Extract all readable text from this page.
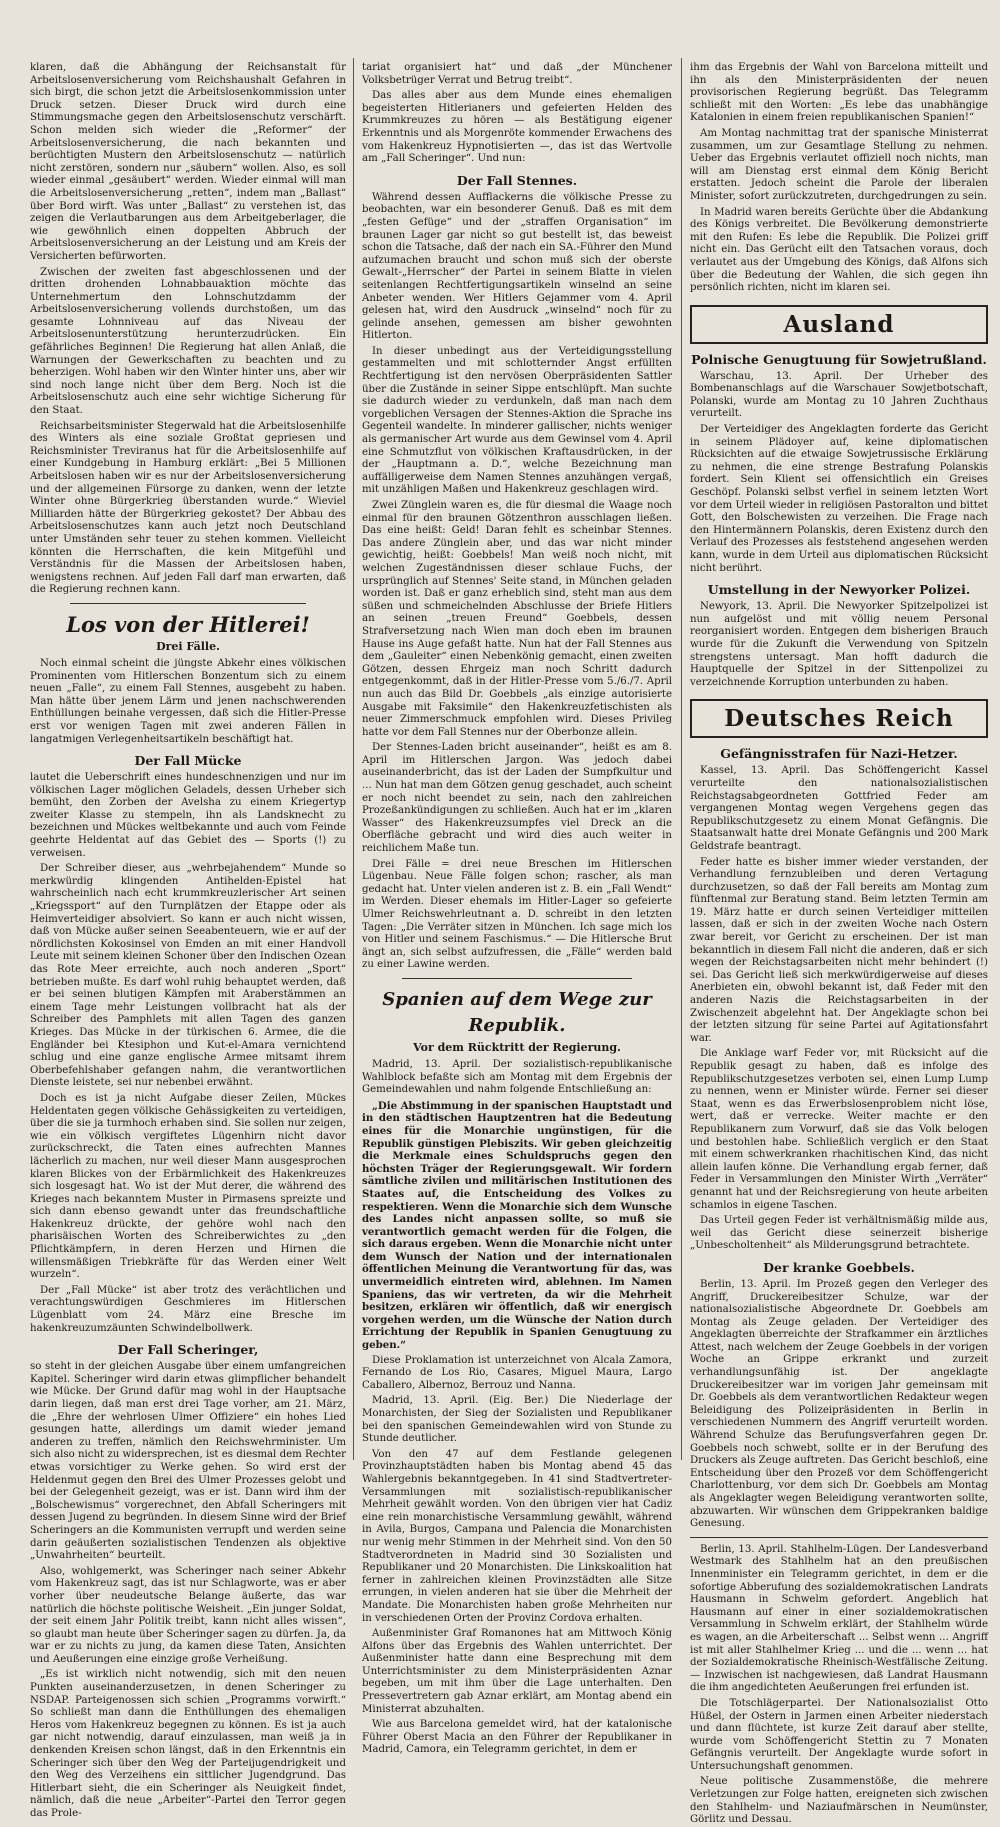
klaren, daß die Abhängung der Reichsanstalt für Arbeitslosenversicherung vom Reichshaushalt Gefahren in sich birgt, die schon jetzt die Arbeitslosenkommission unter Druck setzen. Dieser Druck wird durch eine Stimmungsmache gegen den Arbeitslosenschutz verschärft. Schon melden sich wieder die „Reformer“ der Arbeitslosenversicherung, die nach bekannten und berüchtigten Mustern den Arbeitslosenschutz — natürlich nicht zerstören, sondern nur „säubern“ wollen. Also, es soll wieder einmal „gesäubert“ werden. Wieder einmal will man die Arbeitslosenversicherung „retten“, indem man „Ballast“ über Bord wirft. Was unter „Ballast“ zu verstehen ist, das zeigen die Verlautbarungen aus dem Arbeitgeberlager, die wie gewöhnlich einen doppelten Abbruch der Arbeitslosenversicherung an der Leistung und am Kreis der Versicherten befürworten.

Zwischen der zweiten fast abgeschlossenen und der dritten drohenden Lohnabbauaktion möchte das Unternehmertum den Lohnschutzdamm der Arbeitslosenversicherung vollends durchstoßen, um das gesamte Lohnniveau auf das Niveau der Arbeitslosenunterstützung herunterzudrücken. Ein gefährliches Beginnen! Die Regierung hat allen Anlaß, die Warnungen der Gewerkschaften zu beachten und zu beherzigen. Wohl haben wir den Winter hinter uns, aber wir sind noch lange nicht über dem Berg. Noch ist die Arbeitslosenschutz auch eine sehr wichtige Sicherung für den Staat.

Reichsarbeitsminister Stegerwald hat die Arbeitslosenhilfe des Winters als eine soziale Großtat gepriesen und Reichsminister Treviranus hat für die Arbeitslosenhilfe auf einer Kundgebung in Hamburg erklärt: „Bei 5 Millionen Arbeitslosen haben wir es nur der Arbeitslosenversicherung und der allgemeinen Fürsorge zu danken, wenn der letzte Winter ohne Bürgerkrieg überstanden wurde.“ Wieviel Milliarden hätte der Bürgerkrieg gekostet? Der Abbau des Arbeitslosenschutzes kann auch jetzt noch Deutschland unter Umständen sehr teuer zu stehen kommen. Vielleicht könnten die Herrschaften, die kein Mitgefühl und Verständnis für die Massen der Arbeitslosen haben, wenigstens rechnen. Auf jeden Fall darf man erwarten, daß die Regierung rechnen kann.

Los von der Hitlerei!
Drei Fälle.

Noch einmal scheint die jüngste Abkehr eines völkischen Prominenten vom Hitlerschen Bonzentum sich zu einem neuen „Falle“, zu einem Fall Stennes, ausgebeht zu haben. Man hätte über jenem Lärm und jenen nachschwerenden Enthüllungen beinahe vergessen, daß sich die Hitler-Presse erst vor wenigen Tagen mit zwei anderen Fällen in langatmigen Verlegenheitsartikeln beschäftigt hat.

Der Fall Mücke

lautet die Ueberschrift eines hundeschnenzigen und nur im völkischen Lager möglichen Geladels, dessen Urheber sich bemüht, den Zorben der Avelsha zu einem Kriegertyp zweiter Klasse zu stempeln, ihn als Landsknecht zu bezeichnen und Mückes weltbekannte und auch vom Feinde geehrte Heldentat auf das Gebiet des — Sports (!) zu verweisen.

Der Schreiber dieser, aus „wehrbejahendem“ Munde so merkwürdig klingenden Antihelden-Epistel hat wahrscheinlich nach echt krummkreuzlerischer Art seinen „Kriegssport“ auf den Turnplätzen der Etappe oder als Heimverteidiger absolviert. So kann er auch nicht wissen, daß von Mücke außer seinen Seeabenteuern, wie er auf der nördlichsten Kokosinsel von Emden an mit einer Handvoll Leute mit seinem kleinen Schoner über den Indischen Ozean das Rote Meer erreichte, auch noch anderen „Sport“ betrieben mußte. Es darf wohl ruhig behauptet werden, daß er bei seinen blutigen Kämpfen mit Araberstämmen an einem Tage mehr Leistungen vollbracht hat als der Schreiber des Pamphlets mit allen Tagen des ganzen Krieges. Das Mücke in der türkischen 6. Armee, die die Engländer bei Ktesiphon und Kut-el-Amara vernichtend schlug und eine ganze englische Armee mitsamt ihrem Oberbefehlshaber gefangen nahm, die verantwortlichen Dienste leistete, sei nur nebenbei erwähnt.

Doch es ist ja nicht Aufgabe dieser Zeilen, Mückes Heldentaten gegen völkische Gehässigkeiten zu verteidigen, über die sie ja turmhoch erhaben sind. Sie sollen nur zeigen, wie ein völkisch vergiftetes Lügenhirn nicht davor zurückschreckt, die Taten eines aufrechten Mannes lächerlich zu machen, nur weil dieser Mann ausgesprochen klaren Blickes von der Erbärmlichkeit des Hakenkreuzes sich losgesagt hat. Wo ist der Mut derer, die während des Krieges nach bekanntem Muster in Pirmasens spreizte und sich dann ebenso gewandt unter das freundschaftliche Hakenkreuz drückte, der gehöre wohl nach den pharisäischen Worten des Schreiberwichtes zu „den Pflichtkämpfern, in deren Herzen und Hirnen die willensmäßigen Triebkräfte für das Werden einer Welt wurzeln“.

Der „Fall Mücke“ ist aber trotz des verächtlichen und verachtungswürdigen Geschmieres im Hitlerschen Lügenblatt vom 24. März eine Bresche im hakenkreuzumzäunten Schwindelbollwerk.

Der Fall Scheringer,

so steht in der gleichen Ausgabe über einem umfangreichen Kapitel. Scheringer wird darin etwas glimpflicher behandelt wie Mücke. Der Grund dafür mag wohl in der Hauptsache darin liegen, daß man erst drei Tage vorher, am 21. März, die „Ehre der wehrlosen Ulmer Offiziere“ ein hohes Lied gesungen hatte, allerdings um damit wieder jemand anderen zu treffen, nämlich den Reichswehrminister. Um sich also nicht zu widersprechen, ist es diesmal dem Rechter etwas vorsichtiger zu Werke gehen. So wird erst der Heldenmut gegen den Brei des Ulmer Prozesses gelobt und bei der Gelegenheit gezeigt, was er ist. Dann wird ihm der „Bolschewismus“ vorgerechnet, den Abfall Scheringers mit dessen Jugend zu begründen. In diesem Sinne wird der Brief Scheringers an die Kommunisten verrupft und werden seine darin geäußerten sozialistischen Tendenzen als objektive „Unwahrheiten“ beurteilt.

Also, wohlgemerkt, was Scheringer nach seiner Abkehr vom Hakenkreuz sagt, das ist nur Schlagworte, was er aber vorher über neudeutsche Belange äußerte, das war natürlich die höchste politische Weisheit. „Ein junger Soldat, der seit einem Jahr Politik treibt, kann nicht alles wissen“, so glaubt man heute über Scheringer sagen zu dürfen. Ja, da war er zu nichts zu jung, da kamen diese Taten, Ansichten und Aeußerungen eine einzige große Verheißung.

„Es ist wirklich nicht notwendig, sich mit den neuen Punkten auseinanderzusetzen, in denen Scheringer zu NSDAP. Parteigenossen sich schien „Programms vorwirft.“ So schließt man dann die Enthüllungen des ehemaligen Heros vom Hakenkreuz begegnen zu können. Es ist ja auch gar nicht notwendig, darauf einzulassen, man weiß ja in denkenden Kreisen schon längst, daß in den Erkenntnis ein Scheringer sich über den Weg der Parteijugendrigkeit und den Weg des Verzeihens ein sittlicher Jugendgrund. Das Hitlerbart sieht, die ein Scheringer als Neuigkeit findet, nämlich, daß die neue „Arbeiter“-Partei den Terror gegen das Prole-

tariat organisiert hat“ und daß „der Münchener Volksbetrüger Verrat und Betrug treibt“.

Das alles aber aus dem Munde eines ehemaligen begeisterten Hitlerianers und gefeierten Helden des Krummkreuzes zu hören — als Bestätigung eigener Erkenntnis und als Morgenröte kommender Erwachens des vom Hakenkreuz Hypnotisierten —, das ist das Wertvolle am „Fall Scheringer“. Und nun:

Der Fall Stennes.

Während dessen Aufflackerns die völkische Presse zu beobachten, war ein besonderer Genuß. Daß es mit dem „festen Gefüge“ und der „straffen Organisation“ im braunen Lager gar nicht so gut bestellt ist, das beweist schon die Tatsache, daß der nach ein SA.-Führer den Mund aufzumachen braucht und schon muß sich der oberste Gewalt-„Herrscher“ der Partei in seinem Blatte in vielen seitenlangen Rechtfertigungsartikeln winselnd an seine Anbeter wenden. Wer Hitlers Gejammer vom 4. April gelesen hat, wird den Ausdruck „winselnd“ noch für zu gelinde ansehen, gemessen am bisher gewohnten Hitlerton.

In dieser unbedingt aus der Verteidigungsstellung gestammelten und mit schlotternder Angst erfüllten Rechtfertigung ist den nervösen Oberpräsidenten Sattler über die Zustände in seiner Sippe entschlüpft. Man suchte sie dadurch wieder zu verdunkeln, daß man nach dem vorgeblichen Versagen der Stennes-Aktion die Sprache ins Gegenteil wandelte. In minderer gallischer, nichts weniger als germanischer Art wurde aus dem Gewinsel vom 4. April eine Schmutzflut von völkischen Kraftausdrücken, in der der „Hauptmann a. D.“, welche Bezeichnung man auffälligerweise dem Namen Stennes anzuhängen vergaß, mit unzähligen Maßen und Hakenkreuz geschlagen wird.

Zwei Zünglein waren es, die für diesmal die Waage noch einmal für den braunen Götzenthron ausschlagen ließen. Das eine heißt: Geld! Daran fehlt es scheinbar Stennes. Das andere Zünglein aber, und das war nicht minder gewichtig, heißt: Goebbels! Man weiß noch nicht, mit welchen Zugeständnissen dieser schlaue Fuchs, der ursprünglich auf Stennes' Seite stand, in München geladen worden ist. Daß er ganz erheblich sind, steht man aus dem süßen und schmeichelnden Abschlusse der Briefe Hitlers an seinen „treuen Freund“ Goebbels, dessen Strafversetzung nach Wien man doch eben im braunen Hause ins Auge gefaßt hatte. Nun hat der Fall Stennes aus dem „Gauleiter“ einen Nebenkönig gemacht, einen zweiten Götzen, dessen Ehrgeiz man noch Schritt dadurch entgegenkommt, daß in der Hitler-Presse vom 5./6./7. April nun auch das Bild Dr. Goebbels „als einzige autorisierte Ausgabe mit Faksimile“ den Hakenkreuzfetischisten als neuer Zimmerschmuck empfohlen wird. Dieses Privileg hatte vor dem Fall Stennes nur der Oberbonze allein.

Der Stennes-Laden bricht auseinander“, heißt es am 8. April im Hitlerschen Jargon. Was jedoch dabei auseinanderbricht, das ist der Laden der Sumpfkultur und ... Nun hat man dem Götzen genug geschadet, auch scheint er noch nicht beendet zu sein, nach den zahlreichen Prozeßankündigungen zu schließen. Auch hat er im „klaren Wasser“ des Hakenkreuzsumpfes viel Dreck an die Oberfläche gebracht und wird dies auch weiter in reichlichem Maße tun.

Drei Fälle = drei neue Breschen im Hitlerschen Lügenbau. Neue Fälle folgen schon; rascher, als man gedacht hat. Unter vielen anderen ist z. B. ein „Fall Wendt“ im Werden. Dieser ehemals im Hitler-Lager so gefeierte Ulmer Reichswehrleutnant a. D. schreibt in den letzten Tagen: „Die Verräter sitzen in München. Ich sage mich los von Hitler und seinem Faschismus.“ — Die Hitlersche Brut ängt an, sich selbst aufzufressen, die „Fälle“ werden bald zu einer Lawine werden.

Spanien auf dem Wege zur Republik.
Vor dem Rücktritt der Regierung.

Madrid, 13. April. Der sozialistisch-republikanische Wahlblock befaßte sich am Montag mit dem Ergebnis der Gemeindewahlen und nahm folgende Entschließung an:

„Die Abstimmung in der spanischen Hauptstadt und in den städtischen Hauptzentren hat die Bedeutung eines für die Monarchie ungünstigen, für die Republik günstigen Plebiszits. Wir geben gleichzeitig die Merkmale eines Schuldspruchs gegen den höchsten Träger der Regierungsgewalt. Wir fordern sämtliche zivilen und militärischen Institutionen des Staates auf, die Entscheidung des Volkes zu respektieren. Wenn die Monarchie sich dem Wunsche des Landes nicht anpassen sollte, so muß sie verantwortlich gemacht werden für die Folgen, die sich daraus ergeben. Wenn die Monarchie nicht unter dem Wunsch der Nation und der internationalen öffentlichen Meinung die Verantwortung für das, was unvermeidlich eintreten wird, ablehnen. Im Namen Spaniens, das wir vertreten, da wir die Mehrheit besitzen, erklären wir öffentlich, daß wir energisch vorgehen werden, um die Wünsche der Nation durch Errichtung der Republik in Spanien Genugtuung zu geben.“

Diese Proklamation ist unterzeichnet von Alcala Zamora, Fernando de Los Rio, Casares, Miguel Maura, Largo Caballero, Albernoz, Berrouz und Nanna.

Madrid, 13. April. (Eig. Ber.) Die Niederlage der Monarchisten, der Sieg der Sozialisten und Republikaner bei den spanischen Gemeindewahlen wird von Stunde zu Stunde deutlicher.

Von den 47 auf dem Festlande gelegenen Provinzhauptstädten haben bis Montag abend 45 das Wahlergebnis bekanntgegeben. In 41 sind Stadtvertreter-Versammlungen mit sozialistisch-republikanischer Mehrheit gewählt worden. Von den übrigen vier hat Cadiz eine rein monarchistische Versammlung gewählt, während in Avila, Burgos, Campana und Palencia die Monarchisten nur wenig mehr Stimmen in der Mehrheit sind. Von den 50 Stadtverordneten in Madrid sind 30 Sozialisten und Republikaner und 20 Monarchisten. Die Linkskoalition hat ferner in zahlreichen kleinen Provinzstädten alle Sitze errungen, in vielen anderen hat sie über die Mehrheit der Mandate. Die Monarchisten haben große Mehrheiten nur in verschiedenen Orten der Provinz Cordova erhalten.

Außenminister Graf Romanones hat am Mittwoch König Alfons über das Ergebnis des Wahlen unterrichtet. Der Außenminister hatte dann eine Besprechung mit dem Unterrichtsminister zu dem Ministerpräsidenten Aznar begeben, um mit ihm über die Lage unterhalten. Den Pressevertretern gab Aznar erklärt, am Montag abend ein Ministerrat abzuhalten.

Wie aus Barcelona gemeldet wird, hat der katalonische Führer Oberst Macia an den Führer der Republikaner in Madrid, Camora, ein Telegramm gerichtet, in dem er

ihm das Ergebnis der Wahl von Barcelona mitteilt und ihn als den Ministerpräsidenten der neuen provisorischen Regierung begrüßt. Das Telegramm schließt mit den Worten: „Es lebe das unabhängige Katalonien in einem freien republikanischen Spanien!“

Am Montag nachmittag trat der spanische Ministerrat zusammen, um zur Gesamtlage Stellung zu nehmen. Ueber das Ergebnis verlautet offiziell noch nichts, man will am Dienstag erst einmal dem König Bericht erstatten. Jedoch scheint die Parole der liberalen Minister, sofort zurückzutreten, durchgedrungen zu sein.

In Madrid waren bereits Gerüchte über die Abdankung des Königs verbreitet. Die Bevölkerung demonstrierte mit den Rufen: Es lebe die Republik. Die Polizei griff nicht ein. Das Gerücht eilt den Tatsachen voraus, doch verlautet aus der Umgebung des Königs, daß Alfons sich über die Bedeutung der Wahlen, die sich gegen ihn persönlich richten, nicht im klaren sei.

Ausland
Polnische Genugtuung für Sowjetrußland.

Warschau, 13. April. Der Urheber des Bombenanschlags auf die Warschauer Sowjetbotschaft, Polanski, wurde am Montag zu 10 Jahren Zuchthaus verurteilt.

Der Verteidiger des Angeklagten forderte das Gericht in seinem Plädoyer auf, keine diplomatischen Rücksichten auf die etwaige Sowjetrussische Erklärung zu nehmen, die eine strenge Bestrafung Polanskis fordert. Sein Klient sei offensichtlich ein Greises Geschöpf. Polanski selbst verfiel in seinem letzten Wort vor dem Urteil wieder in religiösen Pastoralton und bittet Gott, den Bolschewisten zu verzeihen. Die Frage nach den Hintermännern Polanskis, deren Existenz durch den Verlauf des Prozesses als feststehend angesehen werden kann, wurde in dem Urteil aus diplomatischen Rücksicht nicht berührt.

Umstellung in der Newyorker Polizei.

Newyork, 13. April. Die Newyorker Spitzelpolizei ist nun aufgelöst und mit völlig neuem Personal reorganisiert worden. Entgegen dem bisherigen Brauch wurde für die Zukunft die Verwendung von Spitzeln strengstens untersagt. Man hofft dadurch die Hauptquelle der Spitzel in der Sittenpolizei zu verzeichnende Korruption unterbunden zu haben.

Deutsches Reich
Gefängnisstrafen für Nazi-Hetzer.

Kassel, 13. April. Das Schöffengericht Kassel verurteilte den nationalsozialistischen Reichstagsabgeordneten Gottfried Feder am vergangenen Montag wegen Vergehens gegen das Republikschutzgesetz zu einem Monat Gefängnis. Die Staatsanwalt hatte drei Monate Gefängnis und 200 Mark Geldstrafe beantragt.

Feder hatte es bisher immer wieder verstanden, der Verhandlung fernzubleiben und deren Vertagung durchzusetzen, so daß der Fall bereits am Montag zum fünftenmal zur Beratung stand. Beim letzten Termin am 19. März hatte er durch seinen Verteidiger mitteilen lassen, daß er sich in der zweiten Woche nach Ostern zwar bereit, vor Gericht zu erscheinen. Der ist man bekanntlich in diesem Fall nicht die anderen, daß er sich wegen der Reichstagsarbeiten nicht mehr behindert (!) sei. Das Gericht ließ sich merkwürdigerweise auf dieses Anerbieten ein, obwohl bekannt ist, daß Feder mit den anderen Nazis die Reichstagsarbeiten in der Zwischenzeit abgelehnt hat. Der Angeklagte schon bei der letzten sitzung für seine Partei auf Agitationsfahrt war.

Die Anklage warf Feder vor, mit Rücksicht auf die Republik gesagt zu haben, daß es infolge des Republikschutzgesetzes verboten sei, einen Lump Lump zu nennen, wenn er Minister würde. Ferner sei dieser Staat, wenn es das Erwerbslosenproblem nicht löse, wert, daß er verrecke. Weiter machte er den Republikanern zum Vorwurf, daß sie das Volk belogen und bestohlen habe. Schließlich verglich er den Staat mit einem schwerkranken rhachitischen Kind, das nicht allein laufen könne. Die Verhandlung ergab ferner, daß Feder in Versammlungen den Minister Wirth „Verräter“ genannt hat und der Reichsregierung von heute arbeiten schamlos in eigene Taschen.

Das Urteil gegen Feder ist verhältnismäßig milde aus, weil das Gericht diese seinerzeit bisherige „Unbescholtenheit“ als Milderungsgrund betrachtete.

Der kranke Goebbels.

Berlin, 13. April. Im Prozeß gegen den Verleger des Angriff, Druckereibesitzer Schulze, war der nationalsozialistische Abgeordnete Dr. Goebbels am Montag als Zeuge geladen. Der Verteidiger des Angeklagten überreichte der Strafkammer ein ärztliches Attest, nach welchem der Zeuge Goebbels in der vorigen Woche an Grippe erkrankt und zurzeit verhandlungsunfähig ist. Der angeklagte Druckereibesitzer war im vorigen Jahr gemeinsam mit Dr. Goebbels als dem verantwortlichen Redakteur wegen Beleidigung des Polizeipräsidenten in Berlin in verschiedenen Nummern des Angriff verurteilt worden. Während Schulze das Berufungsverfahren gegen Dr. Goebbels noch schwebt, sollte er in der Berufung des Druckers als Zeuge auftreten. Das Gericht beschloß, eine Entscheidung über den Prozeß vor dem Schöffengericht Charlottenburg, vor dem sich Dr. Goebbels am Montag als Angeklagter wegen Beleidigung verantworten sollte, abzuwarten. Wir wünschen dem Grippekranken baldige Genesung.

Berlin, 13. April. Stahlhelm-Lügen. Der Landesverband Westmark des Stahlhelm hat an den preußischen Innenminister ein Telegramm gerichtet, in dem er die sofortige Abberufung des sozialdemokratischen Landrats Hausmann in Schwelm gefordert. Angeblich hat Hausmann auf einer in einer sozialdemokratischen Versammlung in Schwelm erklärt, der Stahlhelm würde es wagen, an die Arbeiterschaft ... Selbst wenn ... Angriff ist mit aller Stahlhelmer Krieg ... und die ... wenn ... hat der Sozialdemokratische Rheinisch-Westfälische Zeitung. — Inzwischen ist nachgewiesen, daß Landrat Hausmann die ihm angedichteten Aeußerungen frei erfunden ist.

Die Totschlägerpartei. Der Nationalsozialist Otto Hüßel, der Ostern in Jarmen einen Arbeiter niederstach und dann flüchtete, ist kurze Zeit darauf aber stellte, wurde vom Schöffengericht Stettin zu 7 Monaten Gefängnis verurteilt. Der Angeklagte wurde sofort in Untersuchungshaft genommen.

Neue politische Zusammenstöße, die mehrere Verletzungen zur Folge hatten, ereigneten sich zwischen den Stahlhelm- und Naziaufmärschen in Neumünster, Görlitz und Dessau.
